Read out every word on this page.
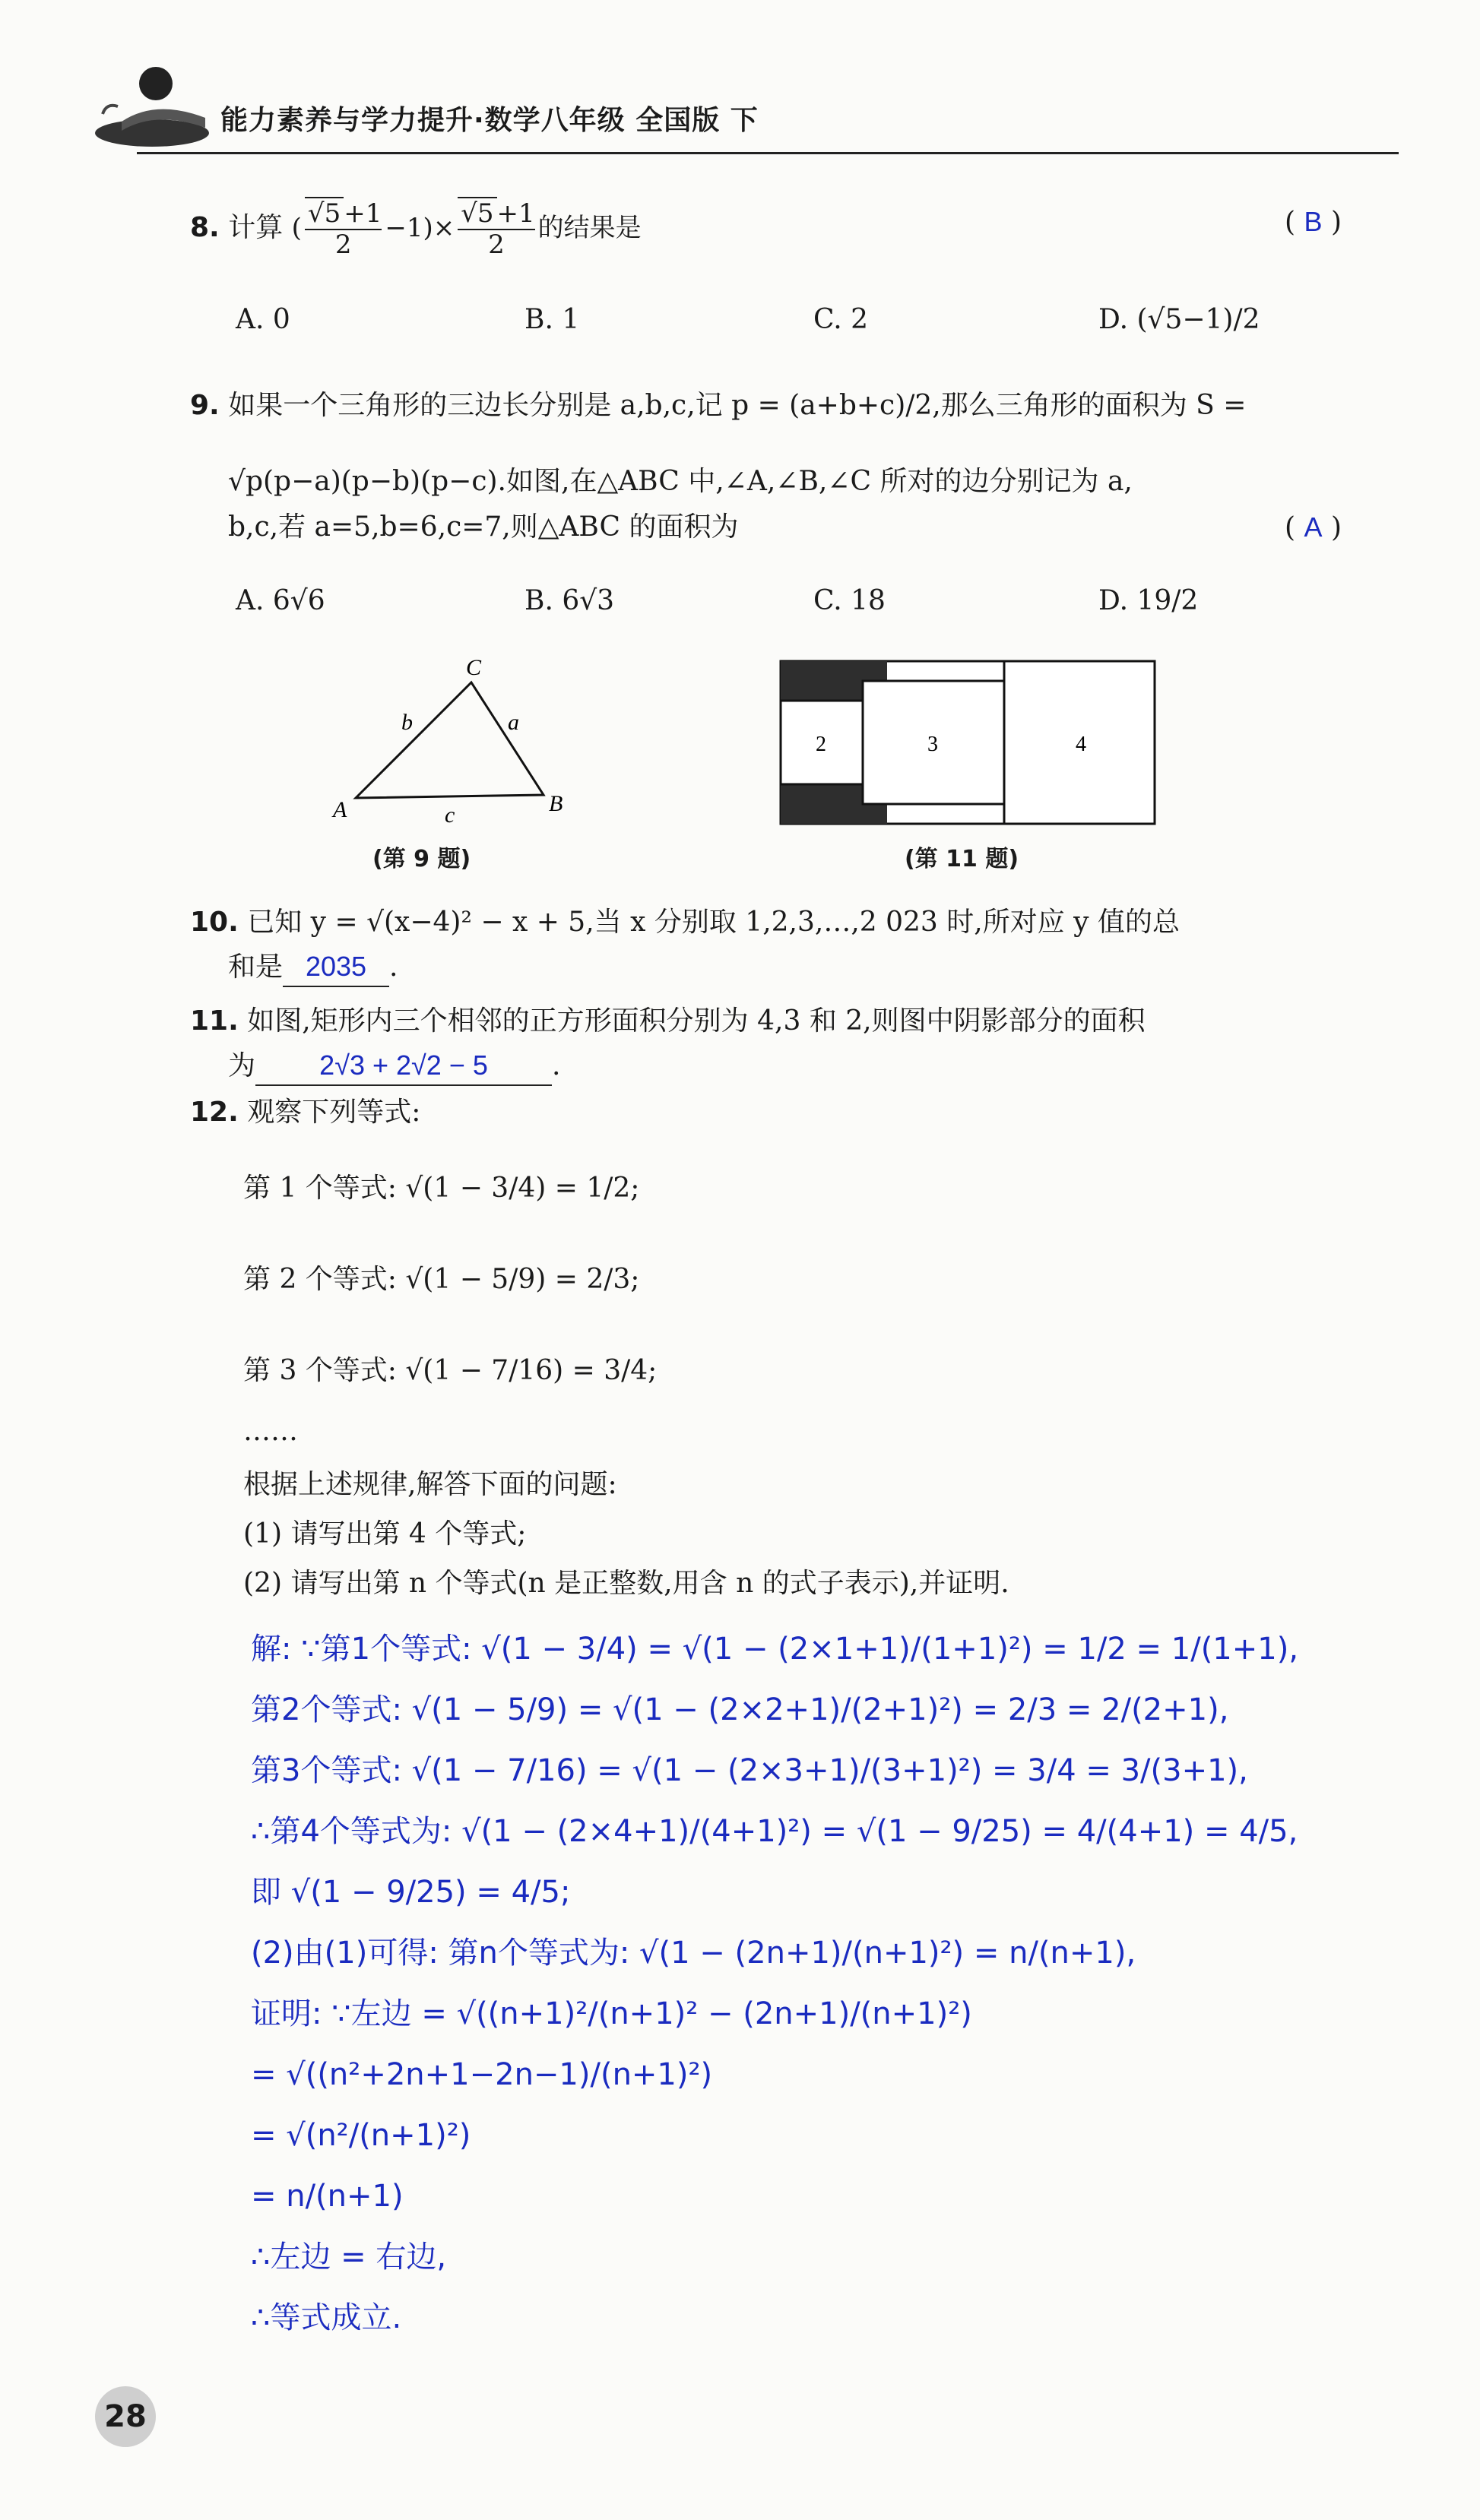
能力素养与学力提升·数学八年级 全国版 下
8. 计算 ( $\frac{√5 +1}{2} -1)\times \frac{√5 +1}{2}$ 的结果是	( B )
A. 0	B. 1	C. 2	D. (√5−1)/2
9. 如果一个三角形的三边长分别是 a,b,c,记 p = (a+b+c)/2,那么三角形的面积为 S =
√p(p−a)(p−b)(p−c).如图,在△ABC 中,∠A,∠B,∠C 所对的边分别记为 a,
b,c,若 a=5,b=6,c=7,则△ABC 的面积为	( A )
A. 6√6	B. 6√3	C. 18	D. 19/2
A	B
C
a
b
c
(第 9 题)
2	3	4
(第 11 题)
10. 已知 y = √(x−4)² − x + 5,当 x 分别取 1,2,3,…,2 023 时,所对应 y 值的总
和是 2035 .
11. 如图,矩形内三个相邻的正方形面积分别为 4,3 和 2,则图中阴影部分的面积
为 2√3 + 2√2 − 5 .
12. 观察下列等式:
第 1 个等式: √(1 − 3/4) = 1/2;
第 2 个等式: √(1 − 5/9) = 2/3;
第 3 个等式: √(1 − 7/16) = 3/4;
……
根据上述规律,解答下面的问题:
(1) 请写出第 4 个等式;
(2) 请写出第 n 个等式(n 是正整数,用含 n 的式子表示),并证明.
解: ∵第1个等式: √(1 − 3/4) = √(1 − (2×1+1)/(1+1)²) = 1/2 = 1/(1+1),
第2个等式: √(1 − 5/9) = √(1 − (2×2+1)/(2+1)²) = 2/3 = 2/(2+1),
第3个等式: √(1 − 7/16) = √(1 − (2×3+1)/(3+1)²) = 3/4 = 3/(3+1),
∴第4个等式为: √(1 − (2×4+1)/(4+1)²) = √(1 − 9/25) = 4/(4+1) = 4/5,
即 √(1 − 9/25) = 4/5;
(2)由(1)可得: 第n个等式为: √(1 − (2n+1)/(n+1)²) = n/(n+1),
证明: ∵左边 = √((n+1)²/(n+1)² − (2n+1)/(n+1)²)
= √((n²+2n+1−2n−1)/(n+1)²)
= √(n²/(n+1)²)
= n/(n+1)
∴左边 = 右边,
∴等式成立.
28
